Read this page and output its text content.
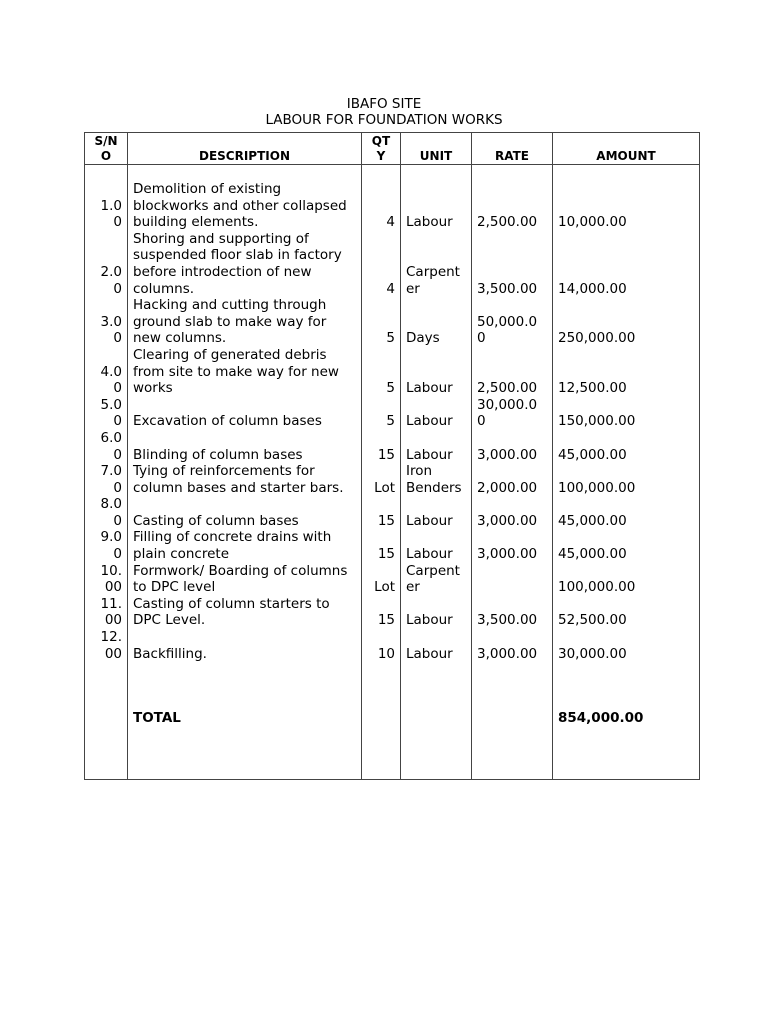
IBAFO SITE
LABOUR FOR FOUNDATION WORKS
S/N O	DESCRIPTION	QT Y	UNIT	RATE	AMOUNT

1.0 0	Demolition of existing blockworks and other collapsed building elements.	4	Labour	2,500.00	10,000.00
2.0 0	Shoring and supporting of suspended floor slab in factory before introdection of new columns.	4	Carpent er	3,500.00	14,000.00
3.0 0	Hacking and cutting through ground slab to make way for new columns.	5	Days	50,000.0 0	250,000.00
4.0 0	Clearing of generated debris from site to make way for new works	5	Labour	2,500.00	12,500.00
5.0 0	Excavation of column bases	5	Labour	30,000.0 0	150,000.00
6.0 0	Blinding of column bases	15	Labour	3,000.00	45,000.00
7.0 0	Tying of reinforcements for column bases and starter bars.	Lot	Iron Benders	2,000.00	100,000.00
8.0 0	Casting of column bases	15	Labour	3,000.00	45,000.00
9.0 0	Filling of concrete drains with plain concrete	15	Labour	3,000.00	45,000.00
10. 00	Formwork/ Boarding of columns to DPC level	Lot	Carpent er		100,000.00
11. 00	Casting of column starters to DPC Level.	15	Labour	3,500.00	52,500.00
12. 00	Backfilling.	10	Labour	3,000.00	30,000.00

	TOTAL				854,000.00
